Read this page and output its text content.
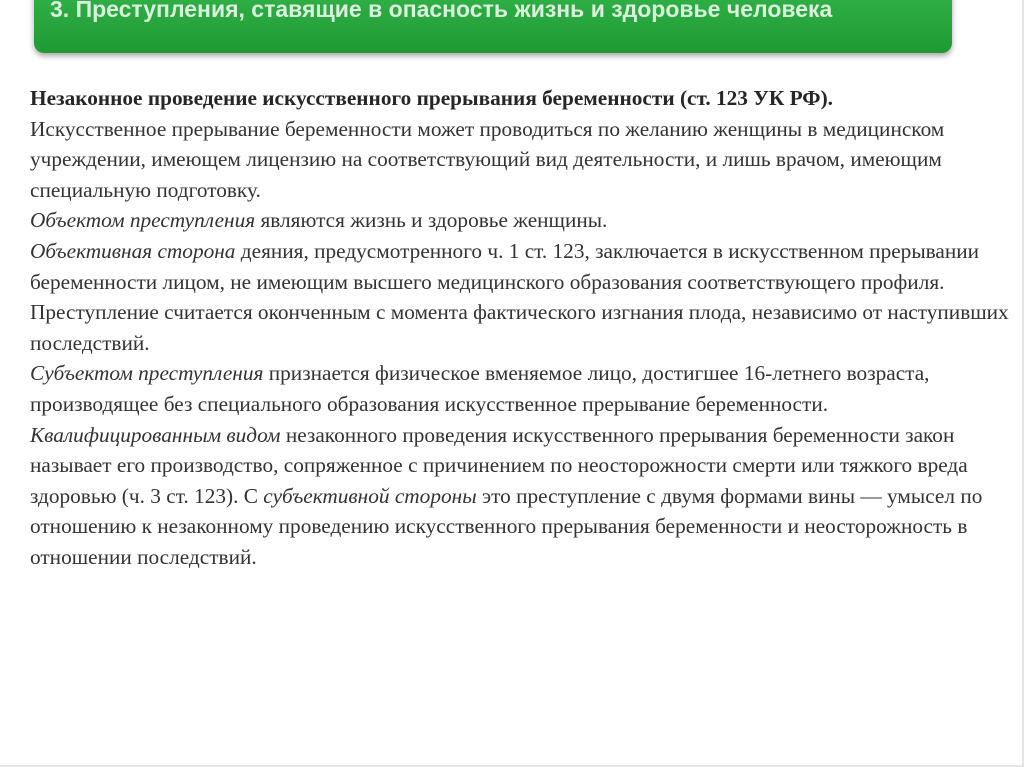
3. Преступления, ставящие в опасность жизнь и здоровье человека

Незаконное проведение искусственного прерывания беременности (ст. 123 УК РФ).

Искусственное прерывание беременности может проводиться по желанию женщины в медицинском учреждении, имеющем лицензию на соответствующий вид деятельности, и лишь врачом, имеющим специальную подготовку.

Объектом преступления являются жизнь и здоровье женщины.

Объективная сторона деяния, предусмотренного ч. 1 ст. 123, заключается в искусственном прерывании беременности лицом, не имеющим высшего медицинского образования соответствующего профиля.

Преступление считается оконченным с момента фактического изгнания плода, независимо от наступивших последствий.

Субъектом преступления признается физическое вменяемое лицо, достигшее 16-летнего возраста, производящее без специального образования искусственное прерывание беременности.

Квалифицированным видом незаконного проведения искусственного прерывания беременности закон называет его производство, сопряженное с причинением по неосторожности смерти или тяжкого вреда здоровью (ч. 3 ст. 123). С субъективной стороны это преступление с двумя формами вины — умысел по отношению к незаконному проведению искусственного прерывания беременности и неосторожность в отношении последствий.
